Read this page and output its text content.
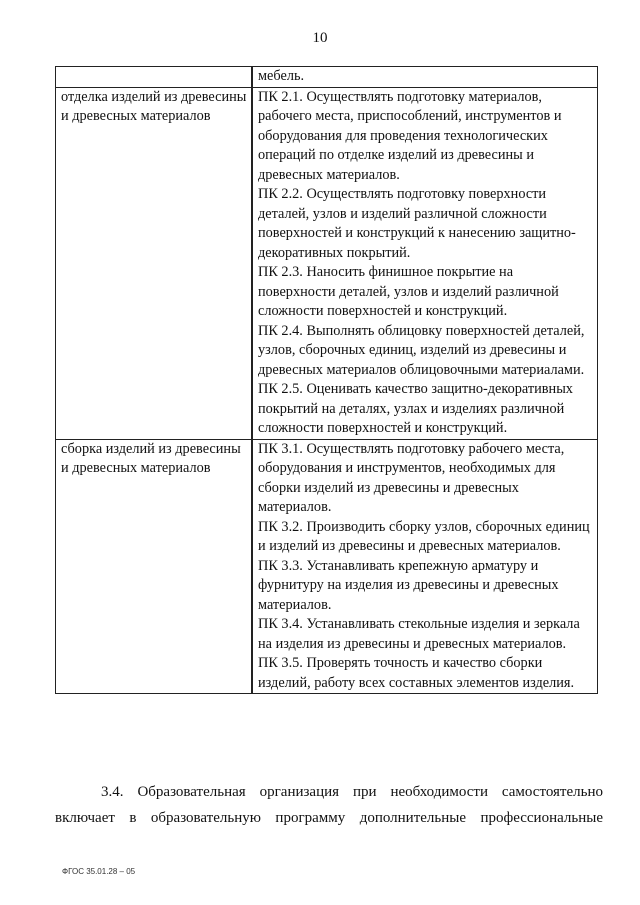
10

	мебель.

отделка изделий из древесины и древесных материалов	ПК 2.1. Осуществлять подготовку материалов, рабочего места, приспособлений, инструментов и оборудования для проведения технологических операций по отделке изделий из древесины и древесных материалов.
ПК 2.2. Осуществлять подготовку поверхности деталей, узлов и изделий различной сложности поверхностей и конструкций к нанесению защитно-декоративных покрытий.
ПК 2.3. Наносить финишное покрытие на поверхности деталей, узлов и изделий различной сложности поверхностей и конструкций.
ПК 2.4. Выполнять облицовку поверхностей деталей, узлов, сборочных единиц, изделий из древесины и древесных материалов облицовочными материалами.
ПК 2.5. Оценивать качество защитно-декоративных покрытий на деталях, узлах и изделиях различной сложности поверхностей и конструкций.

сборка изделий из древесины и древесных материалов	ПК 3.1. Осуществлять подготовку рабочего места, оборудования и инструментов, необходимых для сборки изделий из древесины и древесных материалов.
ПК 3.2. Производить сборку узлов, сборочных единиц и изделий из древесины и древесных материалов.
ПК 3.3. Устанавливать крепежную арматуру и фурнитуру на изделия из древесины и древесных материалов.
ПК 3.4. Устанавливать стекольные изделия и зеркала на изделия из древесины и древесных материалов.
ПК 3.5. Проверять точность и качество сборки изделий, работу всех составных элементов изделия.
3.4. Образовательная организация при необходимости самостоятельно
включает в образовательную программу дополнительные профессиональные
ФГОС 35.01.28 – 05
